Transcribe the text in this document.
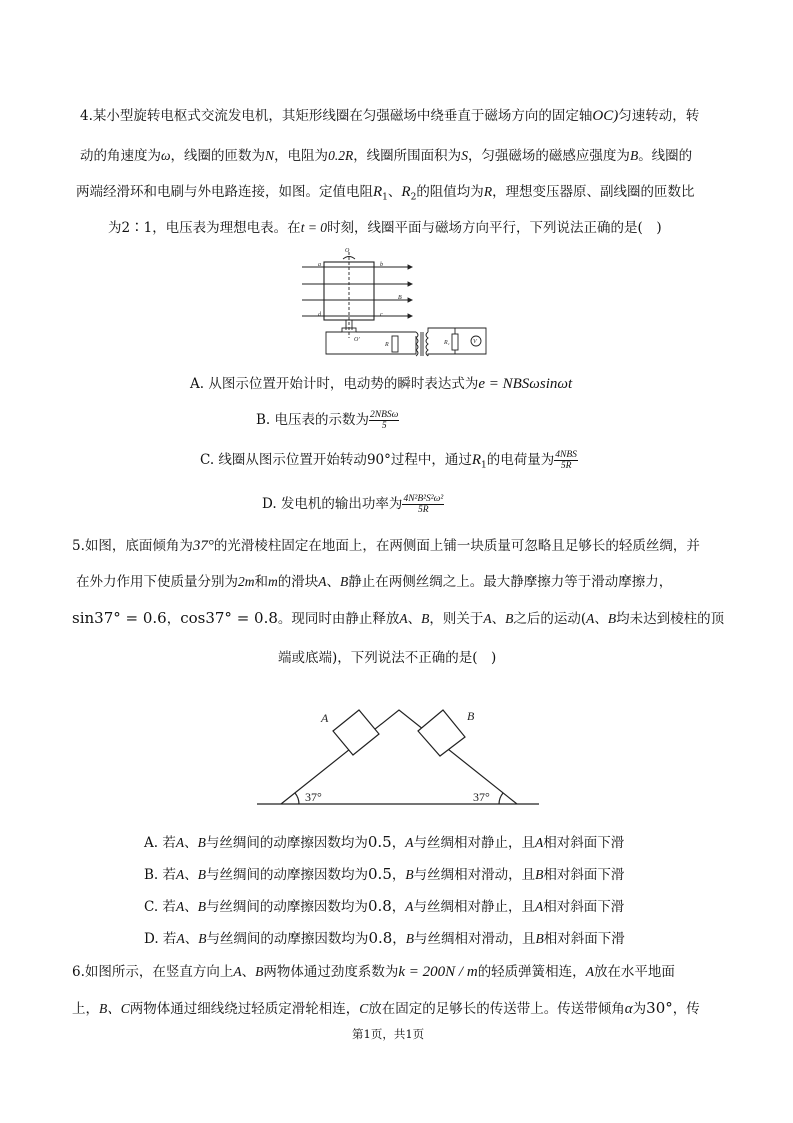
4.某小型旋转电枢式交流发电机，其矩形线圈在匀强磁场中绕垂直于磁场方向的固定轴OC)匀速转动，转
动的角速度为ω，线圈的匝数为N，电阻为0.2R，线圈所围面积为S，匀强磁场的磁感应强度为B。线圈的
两端经滑环和电刷与外电路连接，如图。定值电阻$R_1$、$R_2$的阻值均为R，理想变压器原、副线圈的匝数比
为2∶1，电压表为理想电表。在t = 0时刻，线圈平面与磁场方向平行，下列说法正确的是(　)
O
a	b
B
d	c
O'
R	R₁	V
A. 从图示位置开始计时，电动势的瞬时表达式为e = NBSωsinωt
B. 电压表的示数为 $\frac{\text{2NBSω}}{5}$
C. 线圈从图示位置开始转动90°过程中，通过$R_1$的电荷量为 $\frac{\text{4NBS}}{5R}$
D. 发电机的输出功率为 $\frac{\text{4N²B²S²ω²}}{5R}$
5.如图，底面倾角为37°的光滑棱柱固定在地面上，在两侧面上铺一块质量可忽略且足够长的轻质丝绸，并
在外力作用下使质量分别为2m和m的滑块A、B静止在两侧丝绸之上。最大静摩擦力等于滑动摩擦力，
sin37° = 0.6，cos37° = 0.8。现同时由静止释放A、B，则关于A、B之后的运动(A、B均未达到棱柱的顶
端或底端)，下列说法不正确的是(　)
A	B
37°	37°
A. 若A、B与丝绸间的动摩擦因数均为0.5，A与丝绸相对静止，且A相对斜面下滑
B. 若A、B与丝绸间的动摩擦因数均为0.5，B与丝绸相对滑动，且B相对斜面下滑
C. 若A、B与丝绸间的动摩擦因数均为0.8，A与丝绸相对静止，且A相对斜面下滑
D. 若A、B与丝绸间的动摩擦因数均为0.8，B与丝绸相对滑动，且B相对斜面下滑
6.如图所示，在竖直方向上A、B两物体通过劲度系数为k = 200N / m的轻质弹簧相连，A放在水平地面
上，B、C两物体通过细线绕过轻质定滑轮相连，C放在固定的足够长的传送带上。传送带倾角α为30°，传
第1页，共1页
